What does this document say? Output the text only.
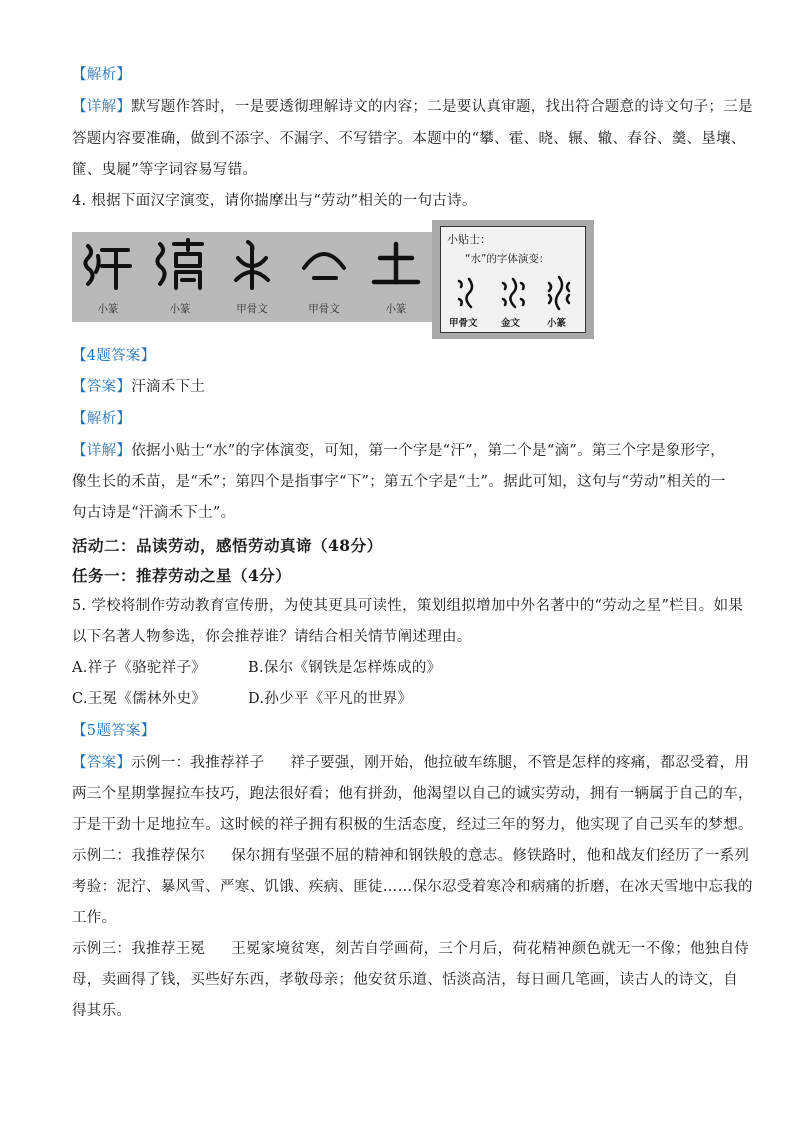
【解析】
【详解】默写题作答时，一是要透彻理解诗文的内容；二是要认真审题，找出符合题意的诗文句子；三是
答题内容要准确，做到不添字、不漏字、不写错字。本题中的“攀、霍、晓、辗、辙、春谷、羹、垦壤、
篚、曳屣”等字词容易写错。
4. 根据下面汉字演变，请你揣摩出与“劳动”相关的一句古诗。
小篆	小篆	甲骨文	甲骨文	小篆
小贴士：
“水”的字体演变：
甲骨文 金文	小篆
【4题答案】
【答案】汗滴禾下土
【解析】
【详解】依据小贴士“水”的字体演变，可知，第一个字是“汗”，第二个是“滴”。第三个字是象形字，
像生长的禾苗，是“禾”；第四个是指事字“下”；第五个字是“土”。据此可知，这句与“劳动”相关的一
句古诗是“汗滴禾下土”。
活动二：品读劳动，感悟劳动真谛（48分）
任务一：推荐劳动之星（4分）
5. 学校将制作劳动教育宣传册，为使其更具可读性，策划组拟增加中外名著中的“劳动之星”栏目。如果
以下名著人物参选，你会推荐谁？请结合相关情节阐述理由。
A.祥子《骆驼祥子》	B.保尔《钢铁是怎样炼成的》
C.王冕《儒林外史》	D.孙少平《平凡的世界》
【5题答案】
【答案】示例一：我推荐祥子 祥子要强，刚开始，他拉破车练腿，不管是怎样的疼痛，都忍受着，用
两三个星期掌握拉车技巧，跑法很好看；他有拼劲，他渴望以自己的诚实劳动，拥有一辆属于自己的车，
于是干劲十足地拉车。这时候的祥子拥有积极的生活态度，经过三年的努力，他实现了自己买车的梦想。
示例二：我推荐保尔 保尔拥有坚强不屈的精神和钢铁般的意志。修铁路时，他和战友们经历了一系列
考验：泥泞、暴风雪、严寒、饥饿、疾病、匪徒……保尔忍受着寒冷和病痛的折磨，在冰天雪地中忘我的
工作。
示例三：我推荐王冕 王冕家境贫寒，刻苦自学画荷，三个月后，荷花精神颜色就无一不像；他独自侍
母，卖画得了钱，买些好东西，孝敬母亲；他安贫乐道、恬淡高洁，每日画几笔画，读古人的诗文，自
得其乐。
